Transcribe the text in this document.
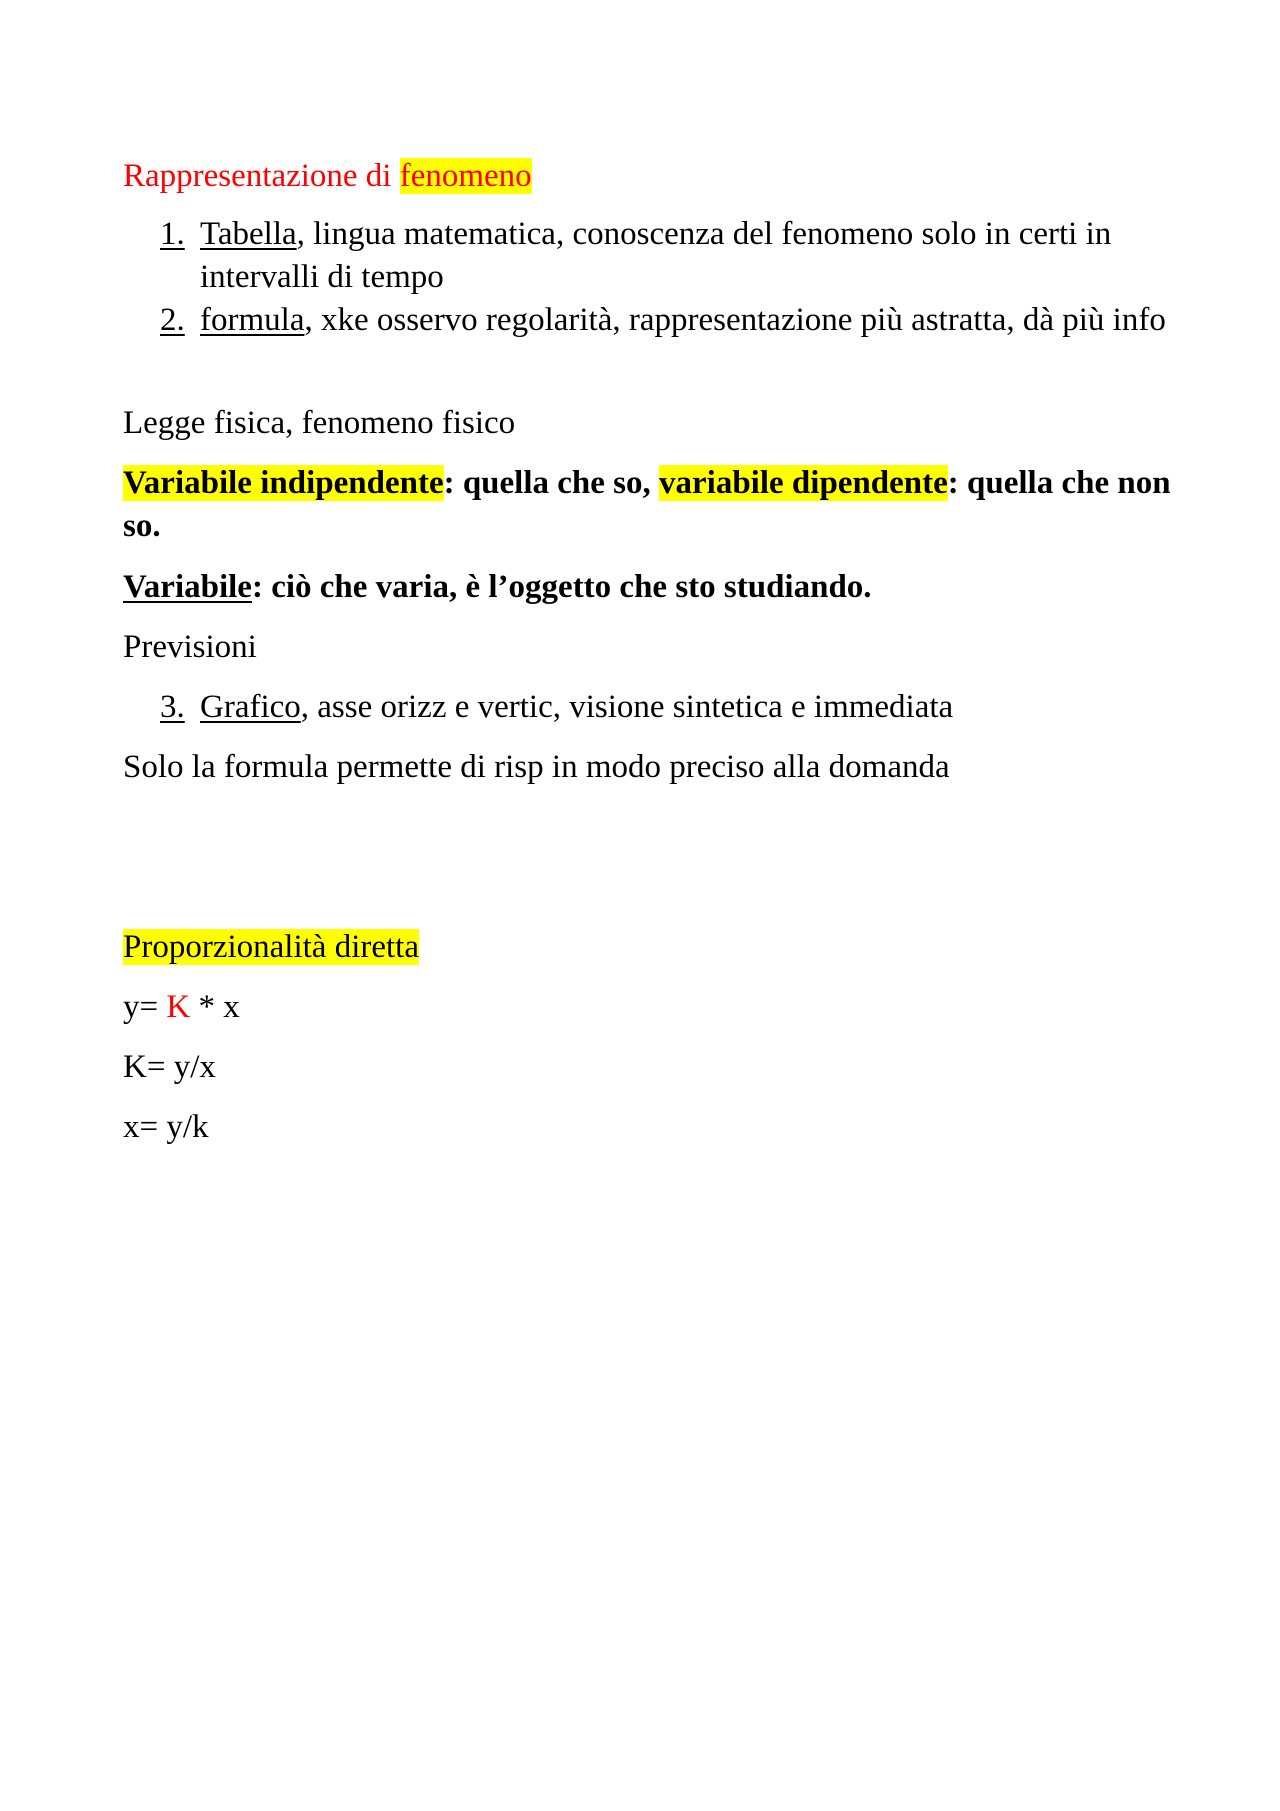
Rappresentazione di fenomeno
1. Tabella, lingua matematica, conoscenza del fenomeno solo in certi in intervalli di tempo
2. formula, xke osservo regolarità, rappresentazione più astratta, dà più info
Legge fisica, fenomeno fisico
Variabile indipendente: quella che so, variabile dipendente: quella che non so.
Variabile: ciò che varia, è l’oggetto che sto studiando.
Previsioni
3. Grafico, asse orizz e vertic, visione sintetica e immediata
Solo la formula permette di risp in modo preciso alla domanda
Proporzionalità diretta
y= K * x
K= y/x
x= y/k
